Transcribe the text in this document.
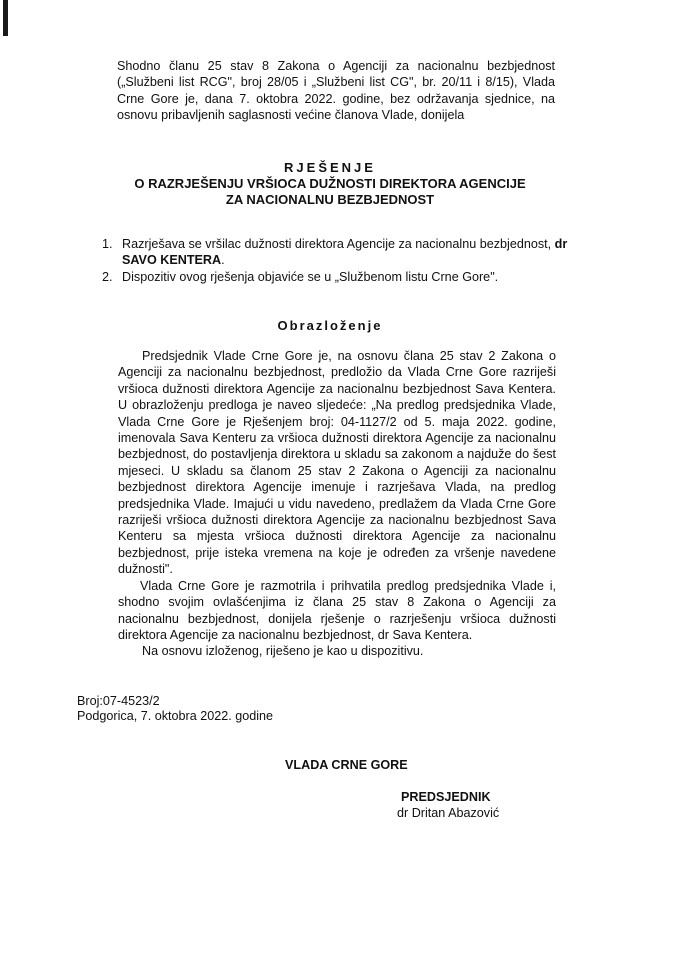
Shodno članu 25 stav 8 Zakona o Agenciji za nacionalnu bezbjednost („Službeni list RCG", broj 28/05 i „Službeni list CG", br. 20/11 i 8/15), Vlada Crne Gore je, dana 7. oktobra 2022. godine, bez održavanja sjednice, na osnovu pribavljenih saglasnosti većine članova Vlade, donijela
RJEŠENJE
O RAZRJEŠENJU VRŠIOCA DUŽNOSTI DIREKTORA AGENCIJE
ZA NACIONALNU BEZBJEDNOST
1. Razrješava se vršilac dužnosti direktora Agencije za nacionalnu bezbjednost, dr SAVO KENTERA.
2. Dispozitiv ovog rješenja objaviće se u „Službenom listu Crne Gore".
Obrazloženje

Predsjednik Vlade Crne Gore je, na osnovu člana 25 stav 2 Zakona o Agenciji za nacionalnu bezbjednost, predložio da Vlada Crne Gore razriješi vršioca dužnosti direktora Agencije za nacionalnu bezbjednost Sava Kentera. U obrazloženju predloga je naveo sljedeće: „Na predlog predsjednika Vlade, Vlada Crne Gore je Rješenjem broj: 04-1127/2 od 5. maja 2022. godine, imenovala Sava Kenteru za vršioca dužnosti direktora Agencije za nacionalnu bezbjednost, do postavljenja direktora u skladu sa zakonom a najduže do šest mjeseci. U skladu sa članom 25 stav 2 Zakona o Agenciji za nacionalnu bezbjednost direktora Agencije imenuje i razrješava Vlada, na predlog predsjednika Vlade. Imajući u vidu navedeno, predlažem da Vlada Crne Gore razriješi vršioca dužnosti direktora Agencije za nacionalnu bezbjednost Sava Kenteru sa mjesta vršioca dužnosti direktora Agencije za nacionalnu bezbjednost, prije isteka vremena na koje je određen za vršenje navedene dužnosti".

Vlada Crne Gore je razmotrila i prihvatila predlog predsjednika Vlade i, shodno svojim ovlašćenjima iz člana 25 stav 8 Zakona o Agenciji za nacionalnu bezbjednost, donijela rješenje o razrješenju vršioca dužnosti direktora Agencije za nacionalnu bezbjednost, dr Sava Kentera.

Na osnovu izloženog, riješeno je kao u dispozitivu.

Broj:07-4523/2
Podgorica, 7. oktobra 2022. godine
VLADA CRNE GORE
PREDSJEDNIK
dr Dritan Abazović
